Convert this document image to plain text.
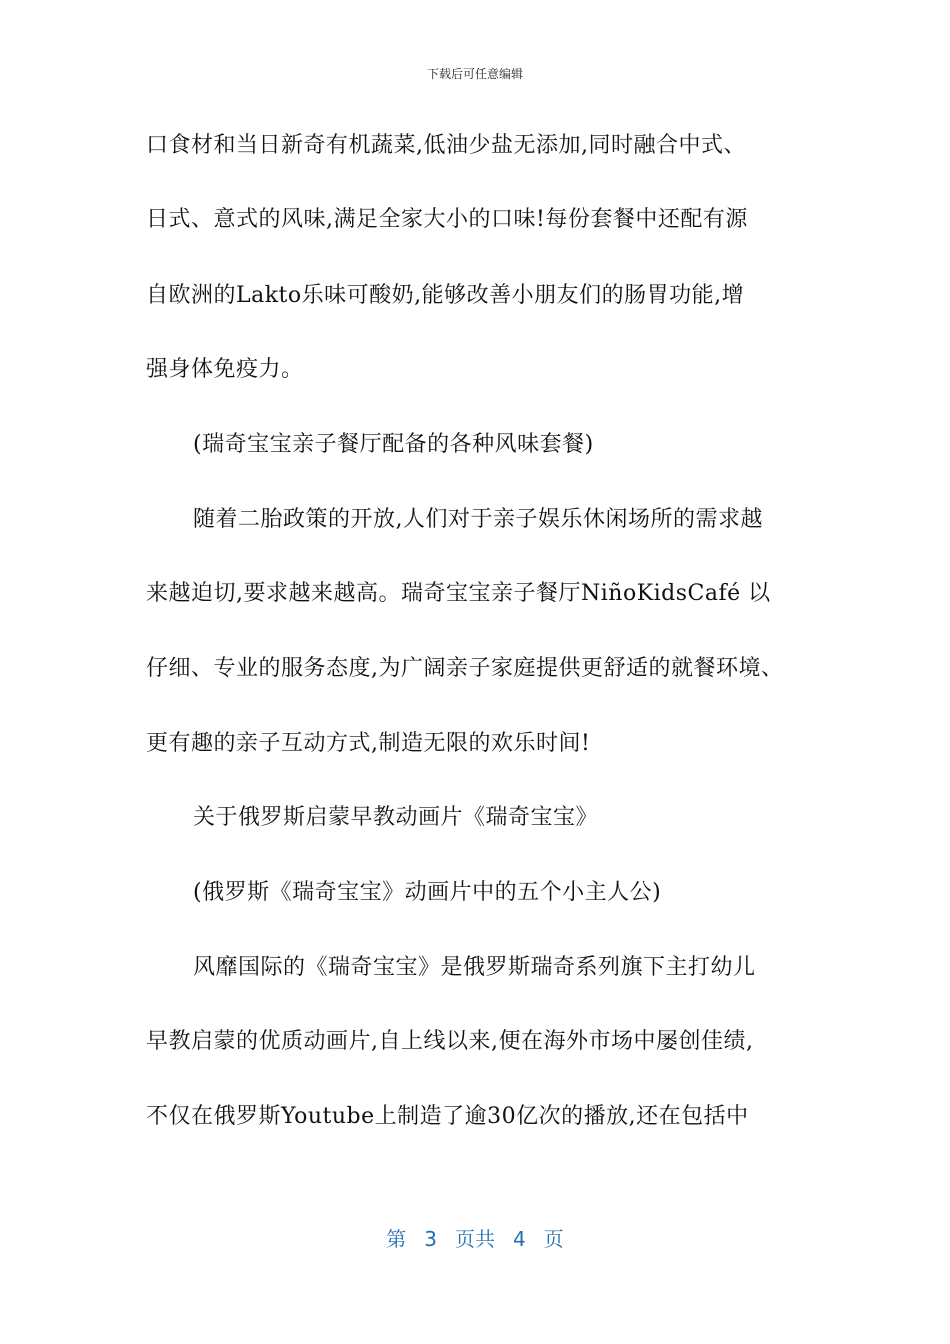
下载后可任意编辑
口食材和当日新奇有机蔬菜,低油少盐无添加,同时融合中式、
日式、意式的风味,满足全家大小的口味!每份套餐中还配有源
自欧洲的Lakto乐味可酸奶,能够改善小朋友们的肠胃功能,增
强身体免疫力。
(瑞奇宝宝亲子餐厅配备的各种风味套餐)
随着二胎政策的开放,人们对于亲子娱乐休闲场所的需求越
来越迫切,要求越来越高。瑞奇宝宝亲子餐厅NiñoKidsCafé 以
仔细、专业的服务态度,为广阔亲子家庭提供更舒适的就餐环境、
更有趣的亲子互动方式,制造无限的欢乐时间!
关于俄罗斯启蒙早教动画片《瑞奇宝宝》
(俄罗斯《瑞奇宝宝》动画片中的五个小主人公)
风靡国际的《瑞奇宝宝》是俄罗斯瑞奇系列旗下主打幼儿
早教启蒙的优质动画片,自上线以来,便在海外市场中屡创佳绩,
不仅在俄罗斯Youtube上制造了逾30亿次的播放,还在包括中
第 3 页共 4 页
